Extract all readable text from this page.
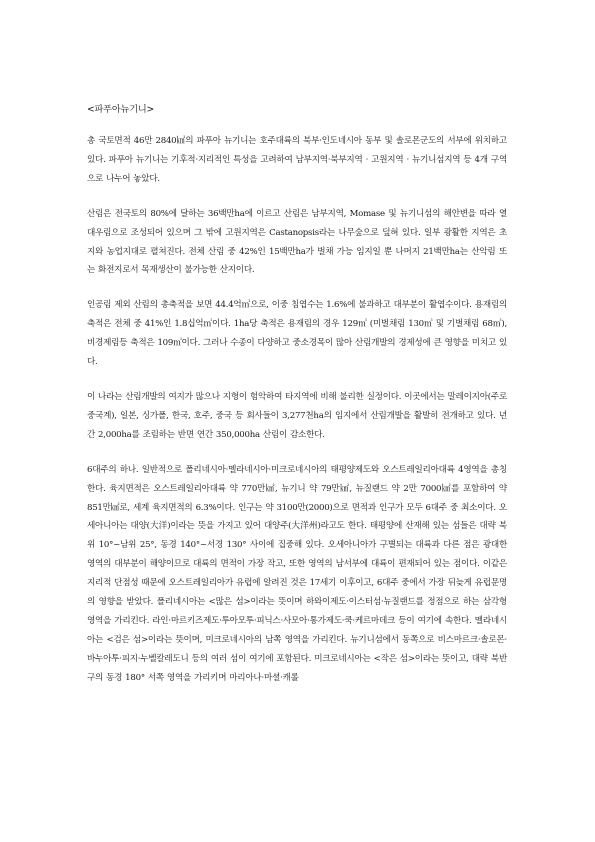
<파푸아뉴기니>

총 국토면적 46만 2840㎢의 파푸아 뉴기니는 호주대륙의 북부·인도네시아 동부 및 솔로몬군도의 서부에 위치하고 있다. 파푸아 뉴기니는 기후적·지리적인 특성을 고려하여 남부지역·북부지역 · 고원지역 · 뉴기니섬지역 등 4개 구역으로 나누어 놓았다.

산림은 전국토의 80%에 달하는 36백만ha에 이르고 산림은 남부지역, Momase 및 뉴기니섬의 해안변을 따라 열대우림으로 조성되어 있으며 그 밖에 고원지역은 Castanopsis라는 나무숲으로 덮혀 있다. 일부 광활한 지역은 초지와 농업지대로 펼쳐진다. 전체 산림 중 42%인 15백만ha가 벌채 가능 임지일 뿐 나머지 21백만ha는 산악림 또는 화전지로서 목재생산이 불가능한 산지이다.

인공림 제외 산림의 총축적을 보면 44.4억㎥으로, 이중 침엽수는 1.6%에 불과하고 대부분이 활엽수이다. 용재림의 축적은 전체 중 41%인 1.8십억㎥이다. 1ha당 축적은 용재림의 경우 129㎥ (미벌채림 130㎥ 및 기벌채림 68㎥), 비경제림등 축적은 109㎥이다. 그러나 수종이 다양하고 중소경목이 많아 산림개발의 경제성에 큰 영향을 미치고 있다.

이 나라는 산림개발의 여지가 많으나 지형이 험악하여 타지역에 비해 불리한 실정이다. 이곳에서는 말레이지아(주로 중국계), 일본, 싱가폴, 한국, 호주, 중국 등 회사들이 3,277천ha의 임지에서 산림개발을 활발히 전개하고 있다. 년간 2,000ha를 조림하는 반면 연간 350,000ha 산림이 감소한다.

6대주의 하나. 일반적으로 폴리네시아·멜라네시아·미크로네시아의 태평양제도와 오스트레일리아대륙 4영역을 총칭한다. 육지면적은 오스트레일리아대륙 약 770만㎢, 뉴기니 약 79만㎢, 뉴질랜드 약 2만 7000㎢를 포함하여 약 851만㎢로, 세계 육지면적의 6.3%이다. 인구는 약 3100만(2000)으로 면적과 인구가 모두 6대주 중 최소이다. 오세아니아는 대양(大洋)이라는 뜻을 가지고 있어 대양주(大洋州)라고도 한다. 태평양에 산재해 있는 섬들은 대략 북위 10°~남위 25°, 동경 140°~서경 130° 사이에 집중해 있다. 오세아니아가 구별되는 대륙과 다른 점은 광대한 영역의 대부분이 해양이므로 대륙의 면적이 가장 작고, 또한 영역의 남서부에 대륙이 편재되어 있는 점이다. 이같은 지리적 단점성 때문에 오스트레일리아가 유럽에 알려진 것은 17세기 이후이고, 6대주 중에서 가장 뒤늦게 유럽문명의 영향을 받았다. 폴리네시아는 <많은 섬>이라는 뜻이며 하와이제도·이스터섬·뉴질랜드를 정점으로 하는 삼각형 영역을 가리킨다. 라인·마르키즈제도·투아모투·피닉스·사모아·통가제도·쿡·케르마데크 등이 여기에 속한다. 멜라네시아는 <검은 섬>이라는 뜻이며, 미크로네시아의 남쪽 영역을 가리킨다. 뉴기니섬에서 동쪽으로 비스마르크·솔로몬·바누아투·피지·누벨칼레도니 등의 여러 섬이 여기에 포함된다. 미크로네시아는 <작은 섬>이라는 뜻이고, 대략 북반구의 동경 180° 서쪽 영역을 가리키며 마리아나·마셜·캐롤
